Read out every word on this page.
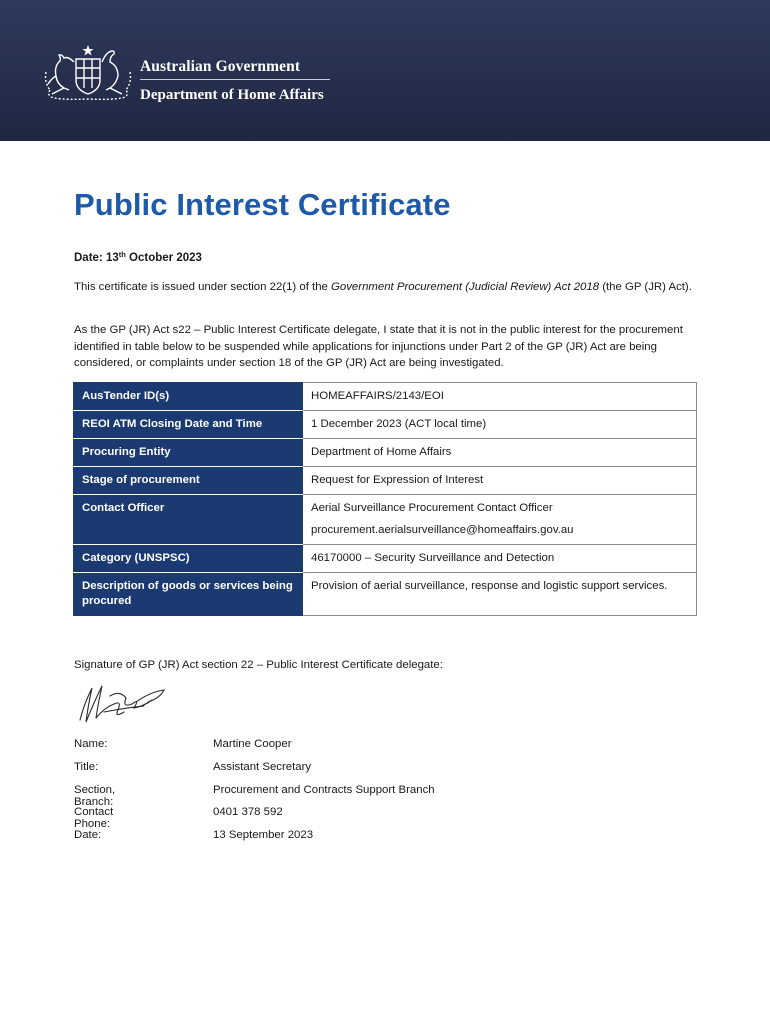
Australian Government
Department of Home Affairs
Public Interest Certificate
Date: 13th October 2023

This certificate is issued under section 22(1) of the Government Procurement (Judicial Review) Act 2018 (the GP (JR) Act).

As the GP (JR) Act s22 – Public Interest Certificate delegate, I state that it is not in the public interest for the procurement identified in table below to be suspended while applications for injunctions under Part 2 of the GP (JR) Act are being considered, or complaints under section 18 of the GP (JR) Act are being investigated.

AusTender ID(s)	HOMEAFFAIRS/2143/EOI
REOI ATM Closing Date and Time	1 December 2023 (ACT local time)
Procuring Entity	Department of Home Affairs
Stage of procurement	Request for Expression of Interest
Contact Officer	Aerial Surveillance Procurement Contact Officer
procurement.aerialsurveillance@homeaffairs.gov.au

Category (UNSPSC)	46170000 – Security Surveillance and Detection
Description of goods or services being procured	Provision of aerial surveillance, response and logistic support services.
Signature of GP (JR) Act section 22 – Public Interest Certificate delegate:
Name:	Martine Cooper
Title:	Assistant Secretary
Section, Branch:
Procurement and Contracts Support Branch
Contact Phone:
0401 378 592
Date:	13 September 2023
